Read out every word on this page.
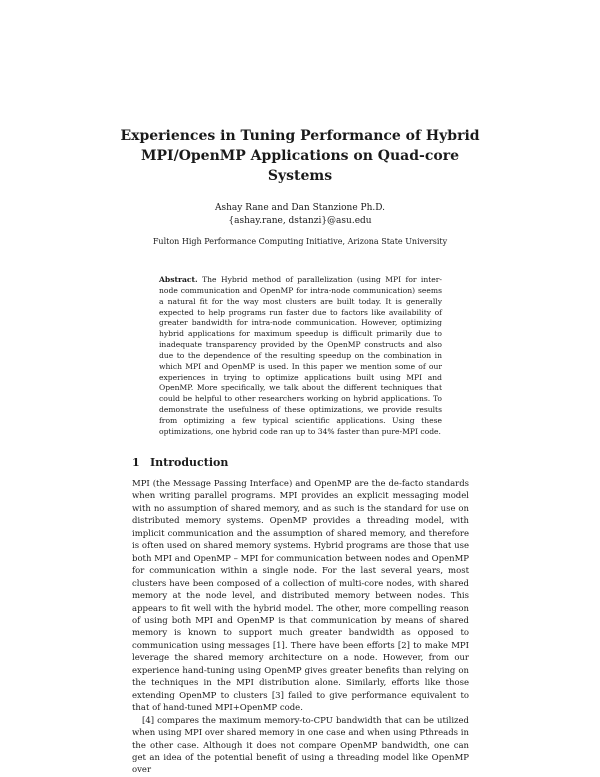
Experiences in Tuning Performance of Hybrid
MPI/OpenMP Applications on Quad-core
Systems
Ashay Rane and Dan Stanzione Ph.D.
{ashay.rane, dstanzi}@asu.edu
Fulton High Performance Computing Initiative, Arizona State University

Abstract. The Hybrid method of parallelization (using MPI for inter-node communication and OpenMP for intra-node communication) seems a natural fit for the way most clusters are built today. It is generally expected to help programs run faster due to factors like availability of greater bandwidth for intra-node communication. However, optimizing hybrid applications for maximum speedup is difficult primarily due to inadequate transparency provided by the OpenMP constructs and also due to the dependence of the resulting speedup on the combination in which MPI and OpenMP is used. In this paper we mention some of our experiences in trying to optimize applications built using MPI and OpenMP. More specifically, we talk about the different techniques that could be helpful to other researchers working on hybrid applications. To demonstrate the usefulness of these optimizations, we provide results from optimizing a few typical scientific applications. Using these optimizations, one hybrid code ran up to 34% faster than pure-MPI code.

1 Introduction

MPI (the Message Passing Interface) and OpenMP are the de-facto standards when writing parallel programs. MPI provides an explicit messaging model with no assumption of shared memory, and as such is the standard for use on distributed memory systems. OpenMP provides a threading model, with implicit communication and the assumption of shared memory, and therefore is often used on shared memory systems. Hybrid programs are those that use both MPI and OpenMP – MPI for communication between nodes and OpenMP for communication within a single node. For the last several years, most clusters have been composed of a collection of multi-core nodes, with shared memory at the node level, and distributed memory between nodes. This appears to fit well with the hybrid model. The other, more compelling reason of using both MPI and OpenMP is that communication by means of shared memory is known to support much greater bandwidth as opposed to communication using messages [1]. There have been efforts [2] to make MPI leverage the shared memory architecture on a node. However, from our experience hand-tuning using OpenMP gives greater benefits than relying on the techniques in the MPI distribution alone. Similarly, efforts like those extending OpenMP to clusters [3] failed to give performance equivalent to that of hand-tuned MPI+OpenMP code.

[4] compares the maximum memory-to-CPU bandwidth that can be utilized when using MPI over shared memory in one case and when using Pthreads in the other case. Although it does not compare OpenMP bandwidth, one can get an idea of the potential benefit of using a threading model like OpenMP over
